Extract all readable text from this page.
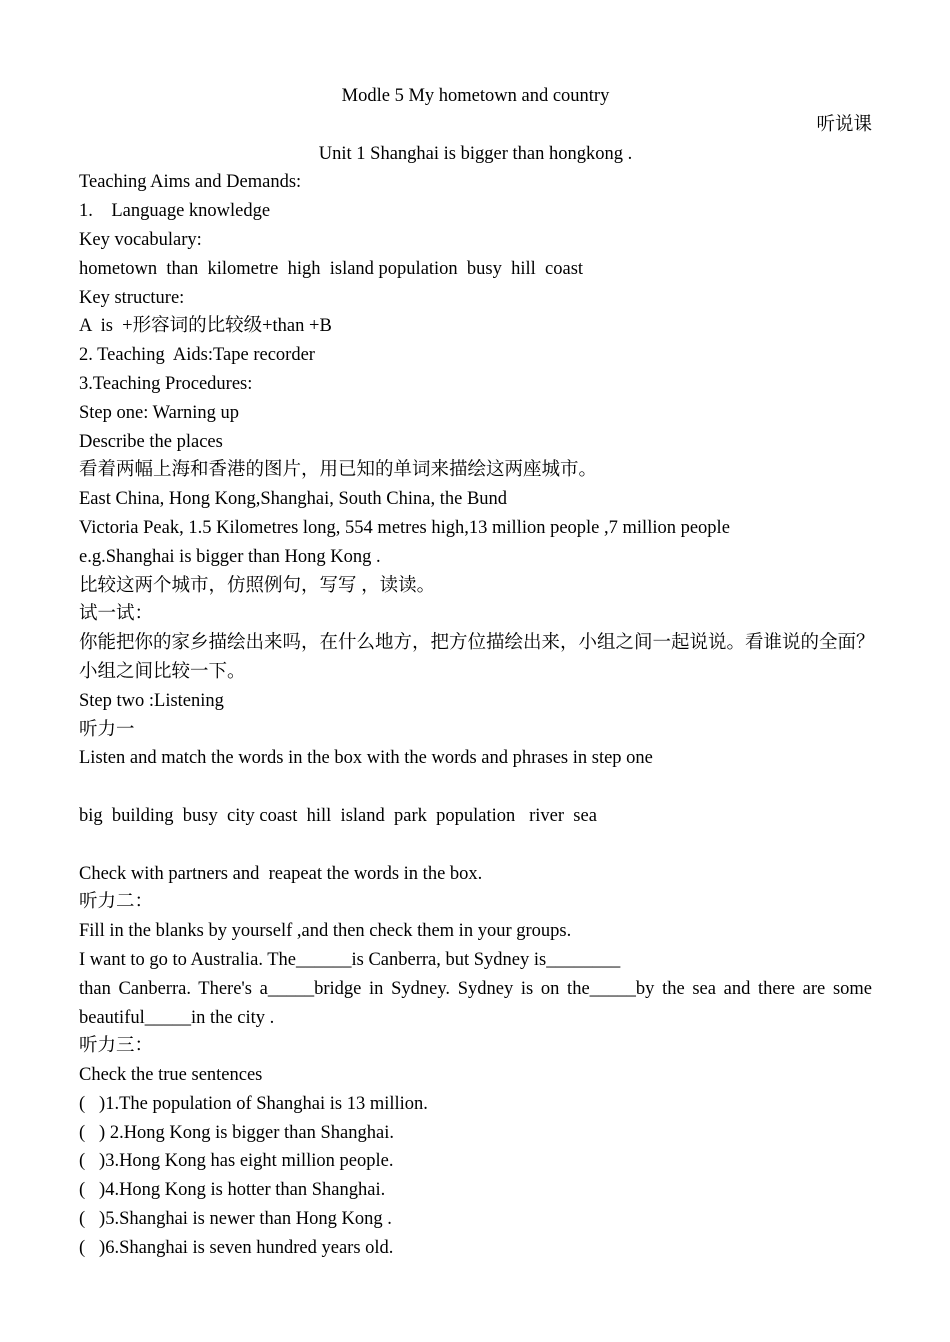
Modle 5 My hometown and country
听说课
Unit 1 Shanghai is bigger than hongkong .
Teaching Aims and Demands:
1.    Language knowledge
Key vocabulary:
hometown  than  kilometre  high  island population  busy  hill  coast
Key structure:
A  is  +形容词的比较级+than +B
2. Teaching  Aids:Tape recorder
3.Teaching Procedures:
Step one: Warning up
Describe the places
看着两幅上海和香港的图片，用已知的单词来描绘这两座城市。
East China, Hong Kong,Shanghai, South China, the Bund
Victoria Peak, 1.5 Kilometres long, 554 metres high,13 million people ,7 million people
e.g.Shanghai is bigger than Hong Kong .
比较这两个城市，仿照例句，写写 ，读读。
试一试：
你能把你的家乡描绘出来吗，在什么地方，把方位描绘出来，小组之间一起说说。看谁说的全面？
小组之间比较一下。
Step two :Listening
听力一
Listen and match the words in the box with the words and phrases in step one
big  building  busy  city coast  hill  island  park  population   river  sea
Check with partners and  reapeat the words in the box.
听力二：
Fill in the blanks by yourself ,and then check them in your groups.
I want to go to Australia. The______is Canberra, but Sydney is________
than Canberra. There's a_____bridge in Sydney. Sydney is on the_____by the sea and there are some
beautiful_____in the city .
听力三：
Check the true sentences
(   )1.The population of Shanghai is 13 million.
(   ) 2.Hong Kong is bigger than Shanghai.
(   )3.Hong Kong has eight million people.
(   )4.Hong Kong is hotter than Shanghai.
(   )5.Shanghai is newer than Hong Kong .
(   )6.Shanghai is seven hundred years old.
